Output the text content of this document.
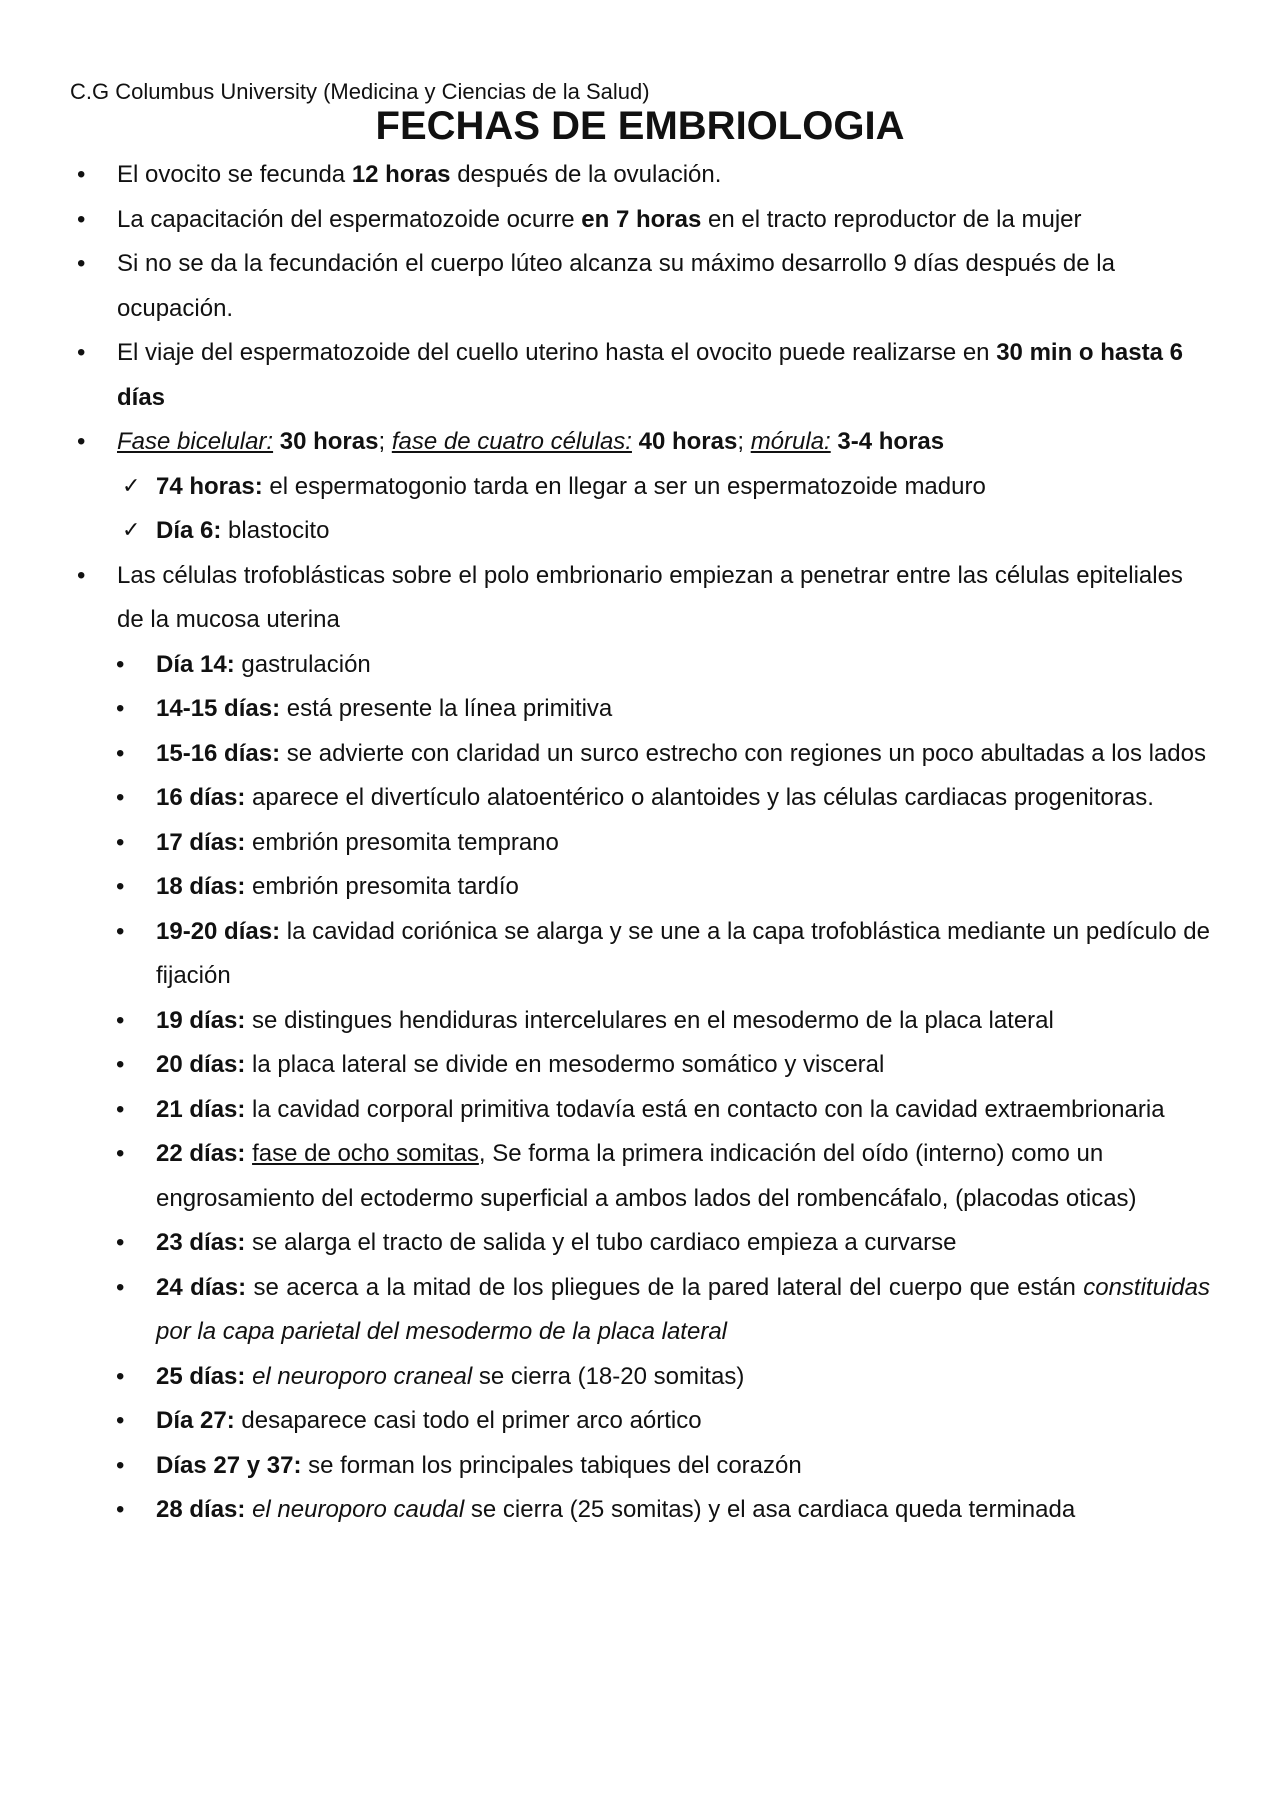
C.G Columbus University (Medicina y Ciencias de la Salud)

FECHAS DE EMBRIOLOGIA
• El ovocito se fecunda 12 horas después de la ovulación.
• La capacitación del espermatozoide ocurre en 7 horas en el tracto reproductor de la mujer
• Si no se da la fecundación el cuerpo lúteo alcanza su máximo desarrollo 9 días después de la ocupación.
• El viaje del espermatozoide del cuello uterino hasta el ovocito puede realizarse en 30 min o hasta 6 días
• Fase bicelular: 30 horas; fase de cuatro células: 40 horas; mórula: 3-4 horas
✓ 74 horas: el espermatogonio tarda en llegar a ser un espermatozoide maduro
✓ Día 6: blastocito
• Las células trofoblásticas sobre el polo embrionario empiezan a penetrar entre las células epiteliales de la mucosa uterina
• Día 14: gastrulación
• 14-15 días: está presente la línea primitiva
• 15-16 días: se advierte con claridad un surco estrecho con regiones un poco abultadas a los lados
• 16 días: aparece el divertículo alatoentérico o alantoides y las células cardiacas progenitoras.
• 17 días: embrión presomita temprano
• 18 días: embrión presomita tardío
• 19-20 días: la cavidad coriónica se alarga y se une a la capa trofoblástica mediante un pedículo de fijación
• 19 días: se distingues hendiduras intercelulares en el mesodermo de la placa lateral
• 20 días: la placa lateral se divide en mesodermo somático y visceral
• 21 días: la cavidad corporal primitiva todavía está en contacto con la cavidad extraembrionaria
• 22 días: fase de ocho somitas, Se forma la primera indicación del oído (interno) como un engrosamiento del ectodermo superficial a ambos lados del rombencáfalo, (placodas oticas)
• 23 días: se alarga el tracto de salida y el tubo cardiaco empieza a curvarse
• 24 días: se acerca a la mitad de los pliegues de la pared lateral del cuerpo que están constituidas por la capa parietal del mesodermo de la placa lateral
• 25 días: el neuroporo craneal se cierra (18-20 somitas)
• Día 27: desaparece casi todo el primer arco aórtico
• Días 27 y 37: se forman los principales tabiques del corazón
• 28 días: el neuroporo caudal se cierra (25 somitas) y el asa cardiaca queda terminada
